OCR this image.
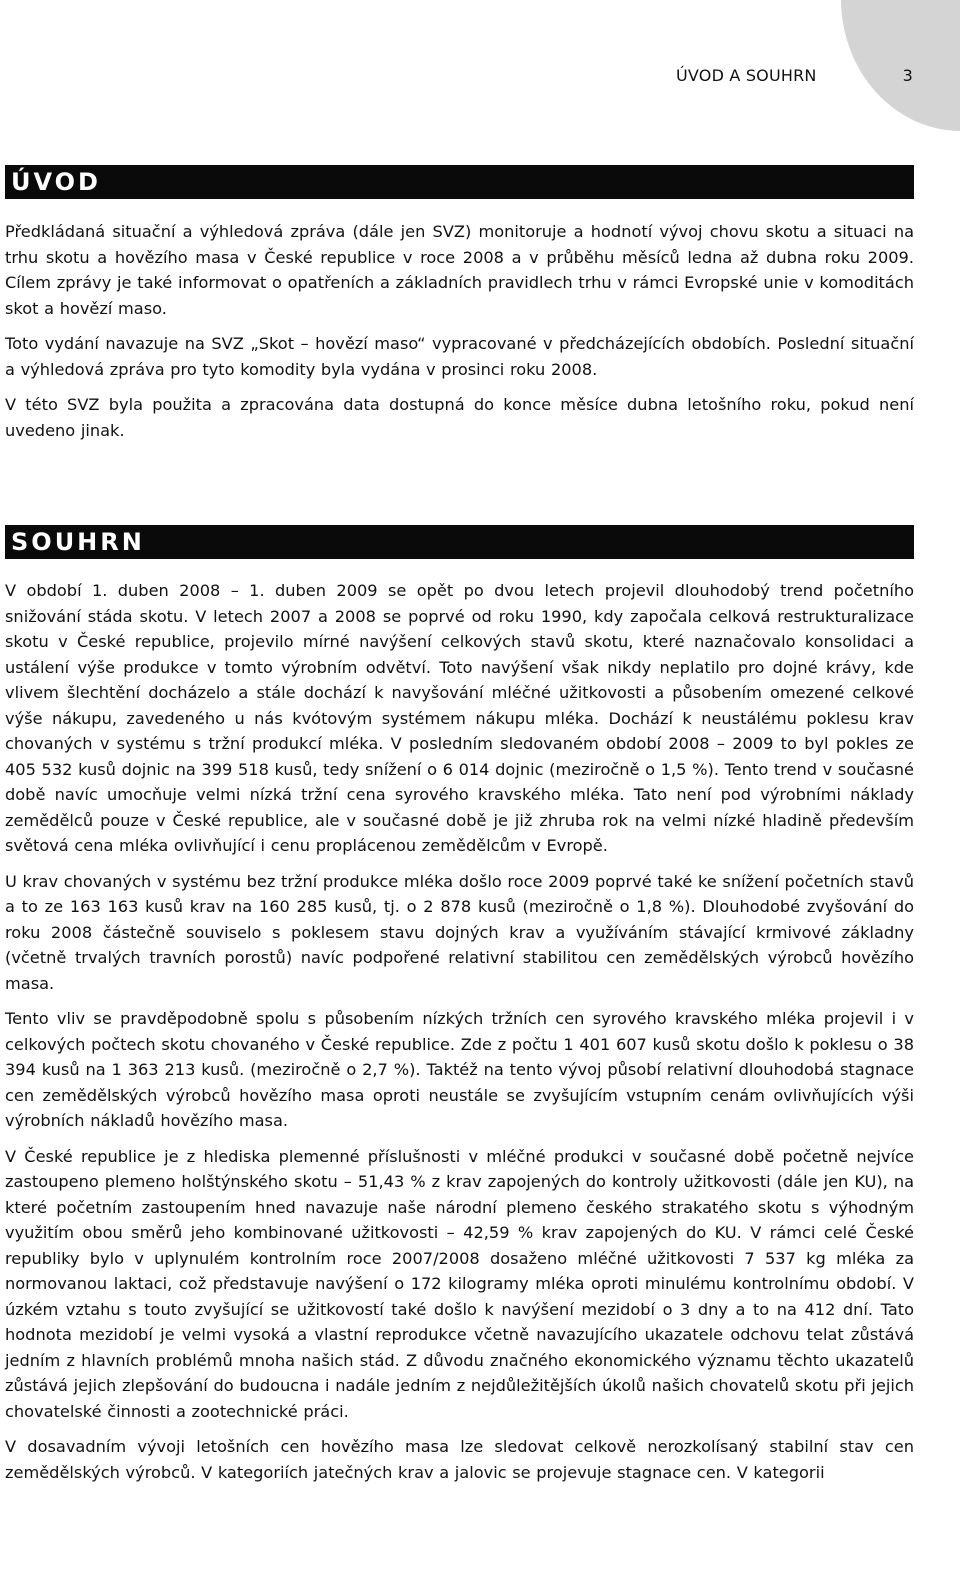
ÚVOD A SOUHRN	3
ÚVOD

Předkládaná situační a výhledová zpráva (dále jen SVZ) monitoruje a hodnotí vývoj chovu skotu a situaci na trhu skotu a hovězího masa v České republice v roce 2008 a v průběhu měsíců ledna až dubna roku 2009. Cílem zprávy je také informovat o opatřeních a základních pravidlech trhu v rámci Evropské unie v komoditách skot a hovězí maso.

Toto vydání navazuje na SVZ „Skot – hovězí maso“ vypracované v předcházejících obdobích. Poslední situační a výhledová zpráva pro tyto komodity byla vydána v prosinci roku 2008.

V této SVZ byla použita a zpracována data dostupná do konce měsíce dubna letošního roku, pokud není uvedeno jinak.

SOUHRN

V období 1. duben 2008 – 1. duben 2009 se opět po dvou letech projevil dlouhodobý trend početního snižování stáda skotu. V letech 2007 a 2008 se poprvé od roku 1990, kdy započala celková restrukturalizace skotu v České republice, projevilo mírné navýšení celkových stavů skotu, které naznačovalo konsolidaci a ustálení výše produkce v tomto výrobním odvětví. Toto navýšení však nikdy neplatilo pro dojné krávy, kde vlivem šlechtění docházelo a stále dochází k navyšování mléčné užitkovosti a působením omezené celkové výše nákupu, zavedeného u nás kvótovým systémem nákupu mléka. Dochází k neustálému poklesu krav chovaných v systému s tržní produkcí mléka. V posledním sledovaném období 2008 – 2009 to byl pokles ze 405 532 kusů dojnic na 399 518 kusů, tedy snížení o 6 014 dojnic (meziročně o 1,5 %). Tento trend v současné době navíc umocňuje velmi nízká tržní cena syrového kravského mléka. Tato není pod výrobními náklady zemědělců pouze v České republice, ale v současné době je již zhruba rok na velmi nízké hladině především světová cena mléka ovlivňující i cenu proplácenou zemědělcům v Evropě.

U krav chovaných v systému bez tržní produkce mléka došlo roce 2009 poprvé také ke snížení početních stavů a to ze 163 163 kusů krav na 160 285 kusů, tj. o 2 878 kusů (meziročně o 1,8 %). Dlouhodobé zvyšování do roku 2008 částečně souviselo s poklesem stavu dojných krav a využíváním stávající krmivové základny (včetně trvalých travních porostů) navíc podpořené relativní stabilitou cen zemědělských výrobců hovězího masa.

Tento vliv se pravděpodobně spolu s působením nízkých tržních cen syrového kravského mléka projevil i v celkových počtech skotu chovaného v České republice. Zde z počtu 1 401 607 kusů skotu došlo k poklesu o 38 394 kusů na 1 363 213 kusů. (meziročně o 2,7 %). Taktéž na tento vývoj působí relativní dlouhodobá stagnace cen zemědělských výrobců hovězího masa oproti neustále se zvyšujícím vstupním cenám ovlivňujících výši výrobních nákladů hovězího masa.

V České republice je z hlediska plemenné příslušnosti v mléčné produkci v současné době početně nejvíce zastoupeno plemeno holštýnského skotu – 51,43 % z krav zapojených do kontroly užitkovosti (dále jen KU), na které početním zastoupením hned navazuje naše národní plemeno českého strakatého skotu s výhodným využitím obou směrů jeho kombinované užitkovosti – 42,59 % krav zapojených do KU. V rámci celé České republiky bylo v uplynulém kontrolním roce 2007/2008 dosaženo mléčné užitkovosti 7 537 kg mléka za normovanou laktaci, což představuje navýšení o 172 kilogramy mléka oproti minulému kontrolnímu období. V úzkém vztahu s touto zvyšující se užitkovostí také došlo k navýšení mezidobí o 3 dny a to na 412 dní. Tato hodnota mezidobí je velmi vysoká a vlastní reprodukce včetně navazujícího ukazatele odchovu telat zůstává jedním z hlavních problémů mnoha našich stád. Z důvodu značného ekonomického významu těchto ukazatelů zůstává jejich zlepšování do budoucna i nadále jedním z nejdůležitějších úkolů našich chovatelů skotu při jejich chovatelské činnosti a zootechnické práci.

V dosavadním vývoji letošních cen hovězího masa lze sledovat celkově nerozkolísaný stabilní stav cen zemědělských výrobců. V kategoriích jatečných krav a jalovic se projevuje stagnace cen. V kategorii
